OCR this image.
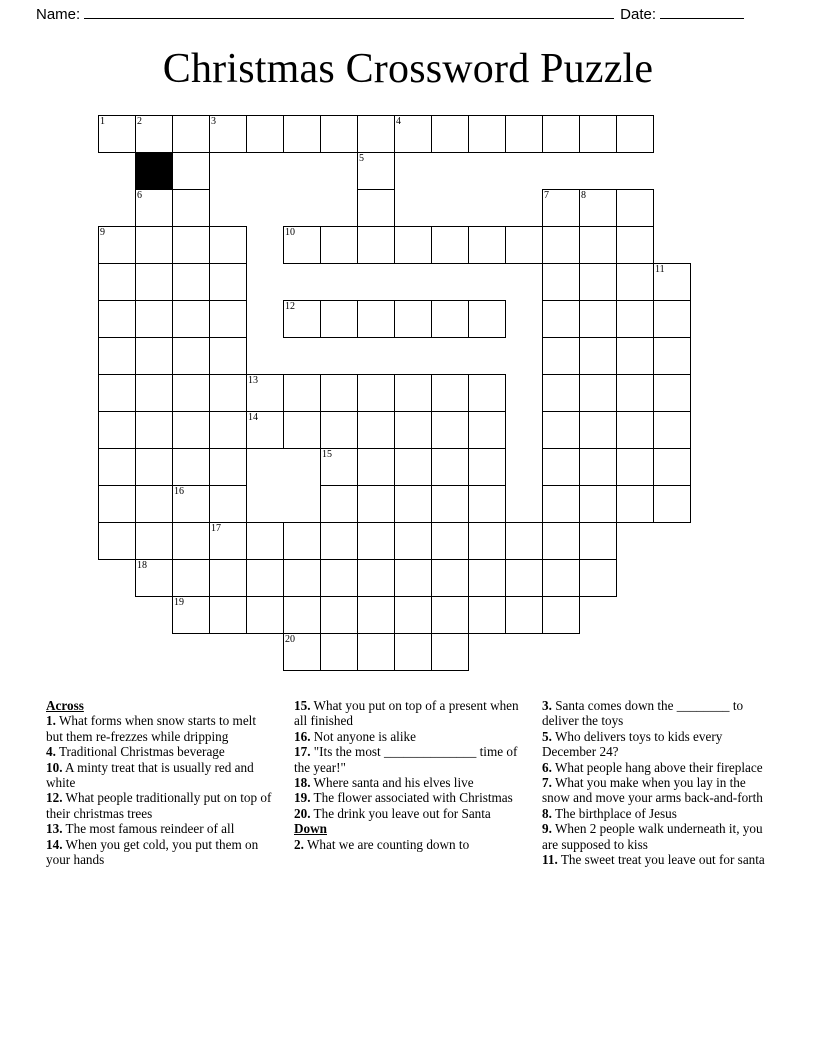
Name:	Date:
Christmas Crossword Puzzle
1	2	3	4
5
6	7	8
9	10
11
12
13
14
15
16
17
18
19
20

Across

1. What forms when snow starts to melt but them re-frezzes while dripping

4. Traditional Christmas beverage

10. A minty treat that is usually red and white

12. What people traditionally put on top of their christmas trees

13. The most famous reindeer of all

14. When you get cold, you put them on your hands

15. What you put on top of a present when all finished

16. Not anyone is alike

17. "Its the most ______________ time of the year!"

18. Where santa and his elves live

19. The flower associated with Christmas

20. The drink you leave out for Santa

Down

2. What we are counting down to

3. Santa comes down the ________ to deliver the toys

5. Who delivers toys to kids every December 24?

6. What people hang above their fireplace

7. What you make when you lay in the snow and move your arms back-and-forth

8. The birthplace of Jesus

9. When 2 people walk underneath it, you are supposed to kiss

11. The sweet treat you leave out for santa
